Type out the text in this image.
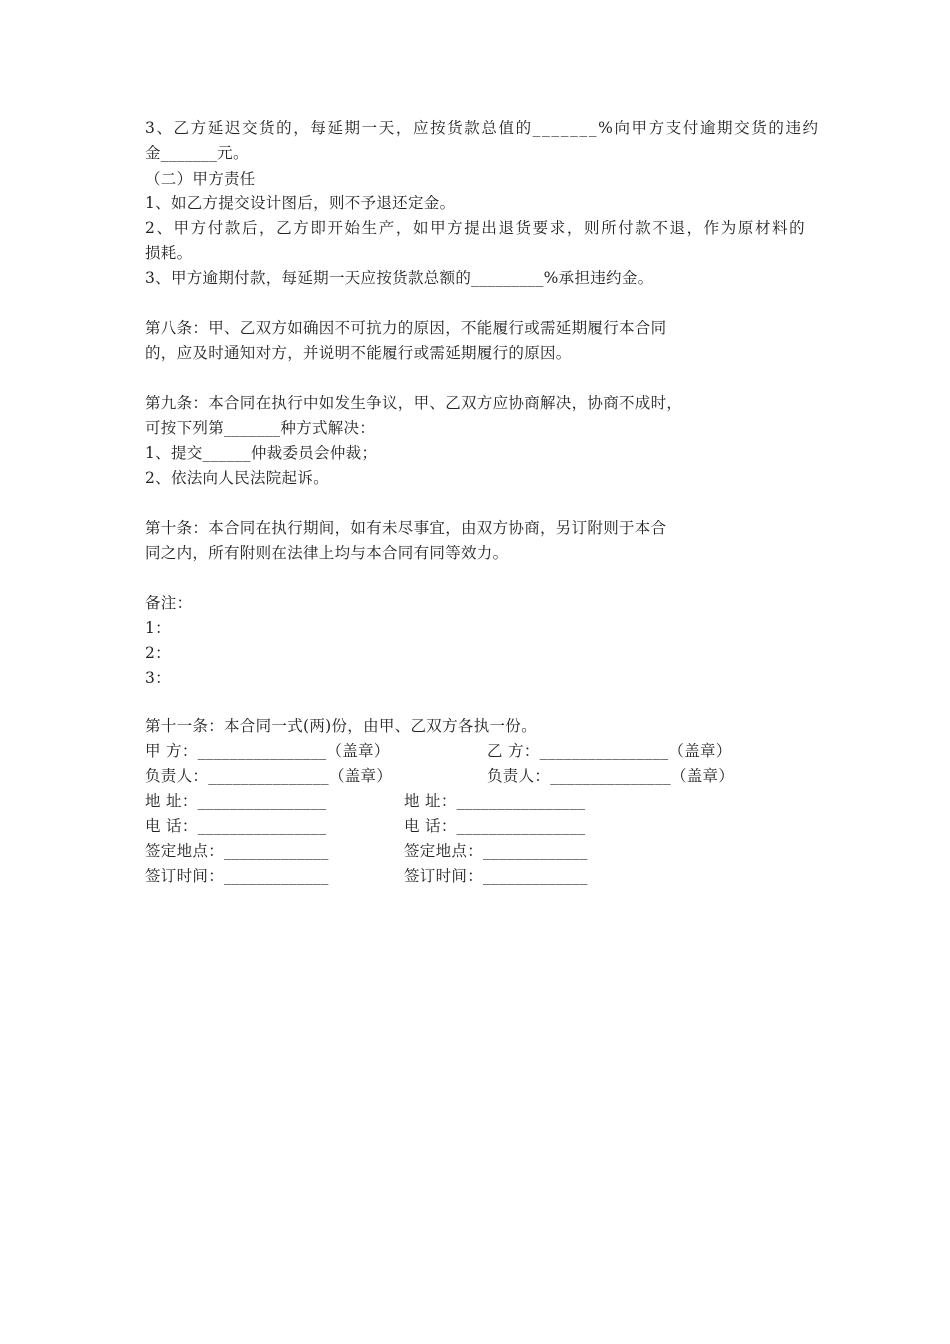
3、乙方延迟交货的，每延期一天，应按货款总值的_______%向甲方支付逾期交货的违约
金_______元。
（二）甲方责任
1、如乙方提交设计图后，则不予退还定金。
2、甲方付款后，乙方即开始生产，如甲方提出退货要求，则所付款不退，作为原材料的
损耗。
3、甲方逾期付款，每延期一天应按货款总额的_________%承担违约金。
第八条：甲、乙双方如确因不可抗力的原因，不能履行或需延期履行本合同
的，应及时通知对方，并说明不能履行或需延期履行的原因。
第九条：本合同在执行中如发生争议，甲、乙双方应协商解决，协商不成时，
可按下列第_______种方式解决：
1、提交______仲裁委员会仲裁；
2、依法向人民法院起诉。
第十条：本合同在执行期间，如有未尽事宜，由双方协商，另订附则于本合
同之内，所有附则在法律上均与本合同有同等效力。
备注：
1：
2：
3：
第十一条：本合同一式(两)份，由甲、乙双方各执一份。
甲 方：________________（盖章）	乙 方：________________（盖章）
负责人：_______________（盖章）	负责人：_______________（盖章）
地 址：________________	地 址：________________
电 话：________________	电 话：________________
签定地点：_____________	签定地点：_____________
签订时间：_____________	签订时间：_____________
